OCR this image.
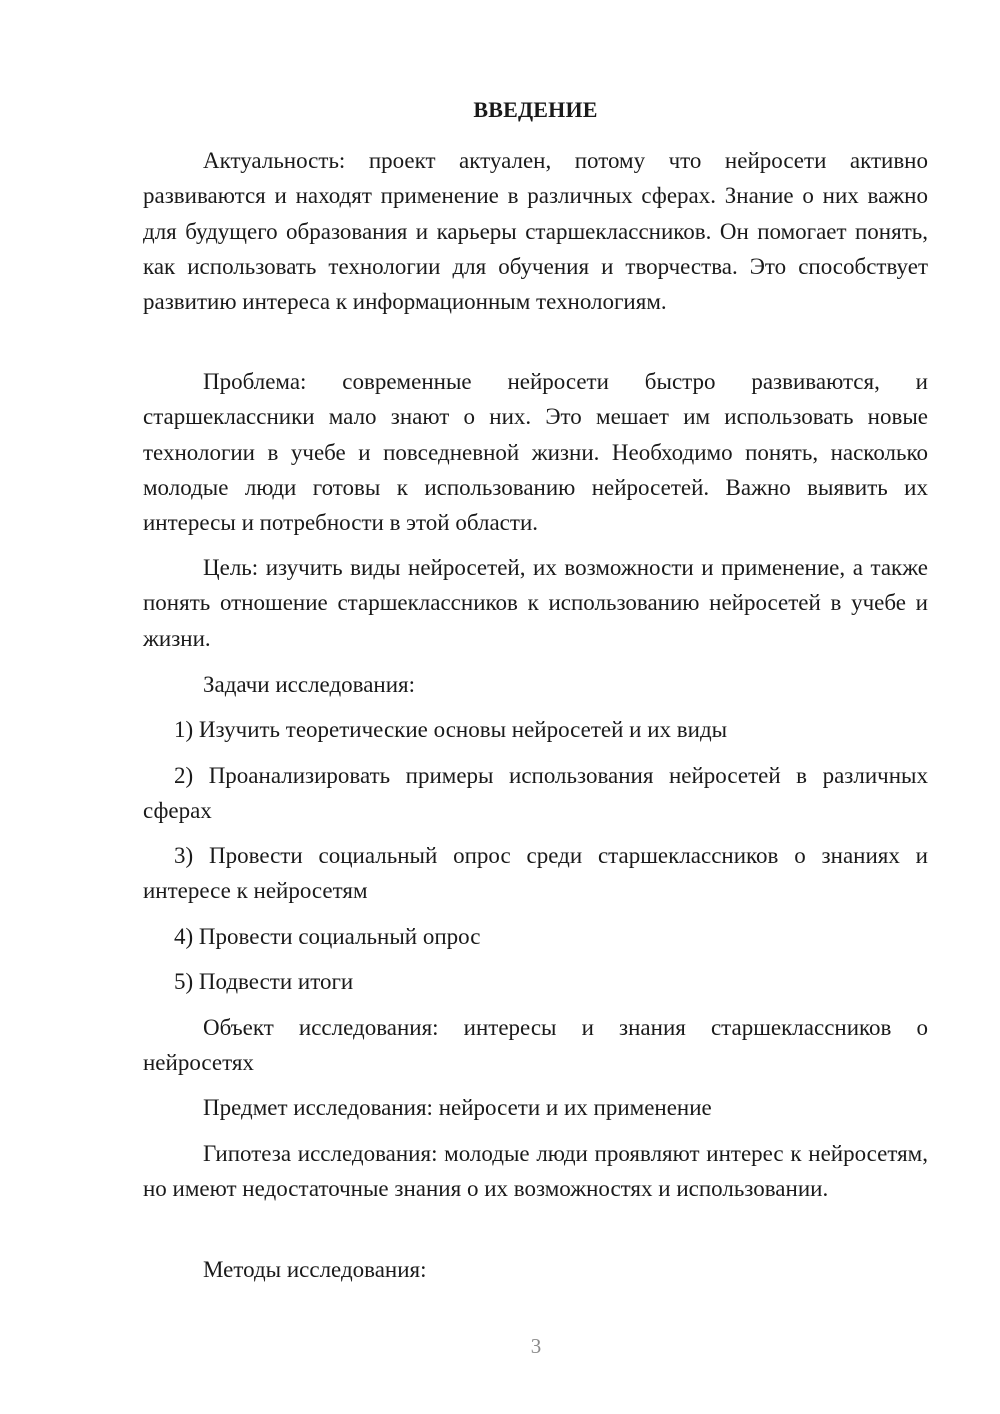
ВВЕДЕНИЕ

Актуальность: проект актуален, потому что нейросети активно развиваются и находят применение в различных сферах. Знание о них важно для будущего образования и карьеры старшеклассников. Он помогает понять, как использовать технологии для обучения и творчества. Это способствует развитию интереса к информационным технологиям.

Проблема: современные нейросети быстро развиваются, и старшеклассники мало знают о них. Это мешает им использовать новые технологии в учебе и повседневной жизни. Необходимо понять, насколько молодые люди готовы к использованию нейросетей. Важно выявить их интересы и потребности в этой области.

Цель: изучить виды нейросетей, их возможности и применение, а также понять отношение старшеклассников к использованию нейросетей в учебе и жизни.

Задачи исследования:

1) Изучить теоретические основы нейросетей и их виды

2) Проанализировать примеры использования нейросетей в различных сферах

3) Провести социальный опрос среди старшеклассников о знаниях и интересе к нейросетям

4) Провести социальный опрос

5) Подвести итоги

Объект исследования: интересы и знания старшеклассников о нейросетях

Предмет исследования: нейросети и их применение

Гипотеза исследования: молодые люди проявляют интерес к нейросетям, но имеют недостаточные знания о их возможностях и использовании.

Методы исследования:

3
